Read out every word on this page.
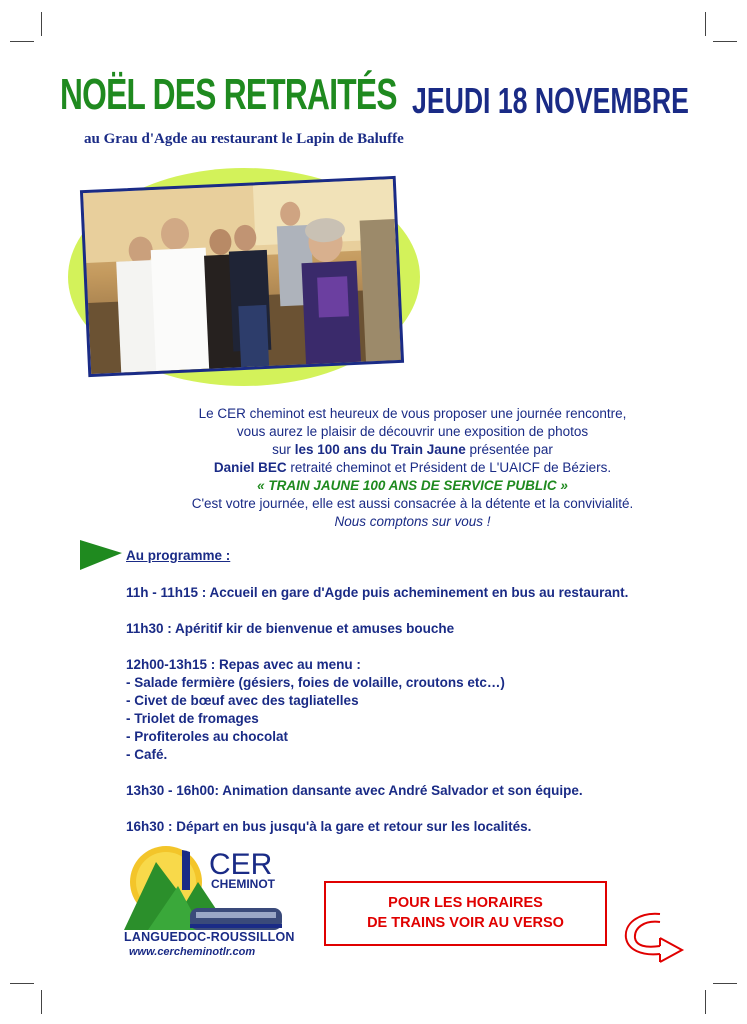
NOËL DES RETRAITÉS JEUDI 18 NOVEMBRE
au Grau d'Agde au restaurant le Lapin de Baluffe

Le CER cheminot est heureux de vous proposer une journée rencontre,

vous aurez le plaisir de découvrir une exposition de photos

sur les 100 ans du Train Jaune présentée par

Daniel BEC retraité cheminot et Président de L'UAICF de Béziers.

« TRAIN JAUNE 100 ANS DE SERVICE PUBLIC »

C'est votre journée, elle est aussi consacrée à la détente et la convivialité.

Nous comptons sur vous !

Au programme :
11h - 11h15 : Accueil en gare d'Agde puis acheminement en bus au restaurant.
11h30 : Apéritif kir de bienvenue et amuses bouche
12h00-13h15 : Repas avec au menu :
- Salade fermière (gésiers, foies de volaille, croutons etc…)
- Civet de bœuf avec des tagliatelles
- Triolet de fromages
- Profiteroles au chocolat
- Café.
13h30 - 16h00: Animation dansante avec André Salvador et son équipe.
16h30 : Départ en bus jusqu'à la gare et retour sur les localités.
CER
CHEMINOT
LANGUEDOC-ROUSSILLON
www.cercheminotlr.com
POUR LES HORAIRES
DE TRAINS VOIR AU VERSO
